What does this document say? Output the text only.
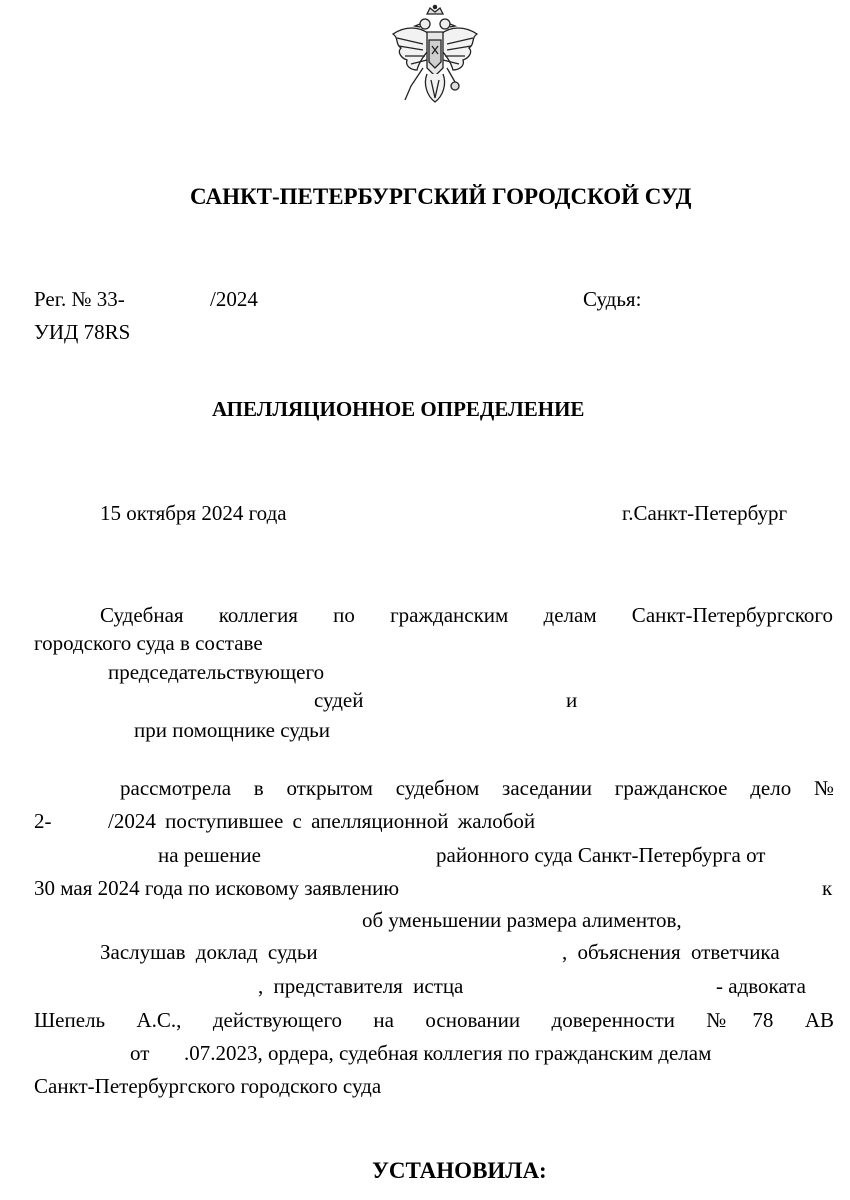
САНКТ-ПЕТЕРБУРГСКИЙ ГОРОДСКОЙ СУД
Рег. № 33-	/2024	Судья:
УИД 78RS
АПЕЛЛЯЦИОННОЕ ОПРЕДЕЛЕНИЕ
15 октября 2024 года	г.Санкт-Петербург
Судебная коллегия по гражданским делам Санкт-Петербургского
городского суда в составе
председательствующего
судей	и
при помощнике судьи
рассмотрела в открытом судебном заседании гражданское дело №
2-	/2024 поступившее с апелляционной жалобой
на решение	районного суда Санкт-Петербурга от
30 мая 2024 года по исковому заявлению	к
об уменьшении размера алиментов,
Заслушав доклад судьи	, объяснения ответчика
, представителя истца	- адвоката
Шепель А.С., действующего на основании доверенности №78 АВ
от .07.2023, ордера, судебная коллегия по гражданским делам
Санкт-Петербургского городского суда
УСТАНОВИЛА:
